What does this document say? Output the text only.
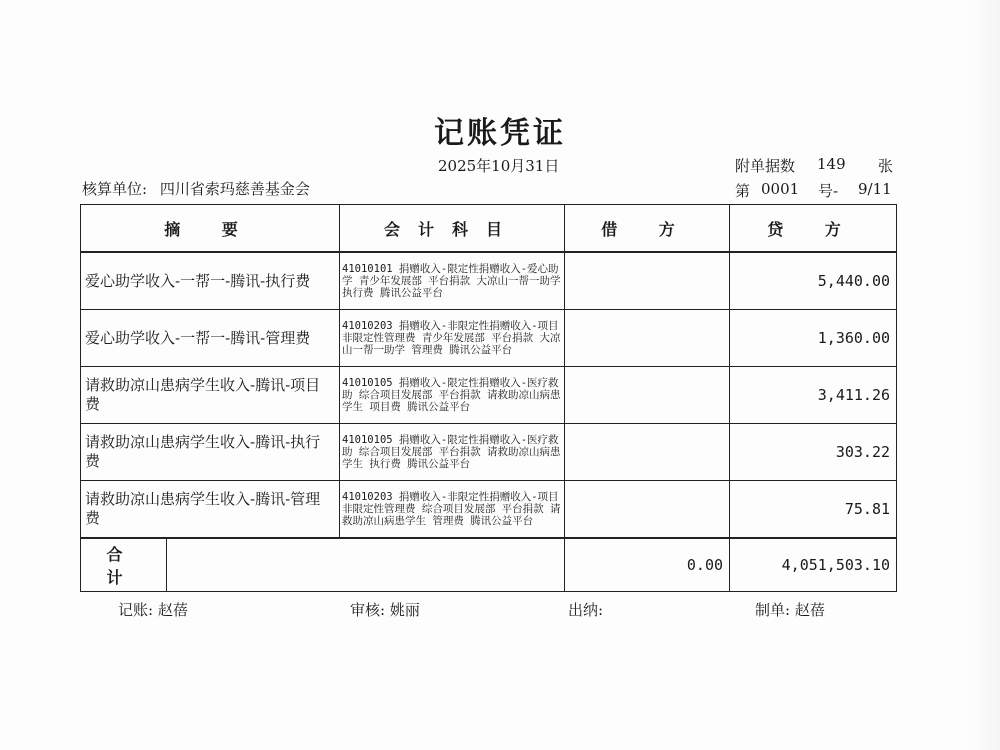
记账凭证
2025年10月31日	附单据数 149 张
核算单位: 四川省索玛慈善基金会	第 0001 号- 9/11
摘 要		会计科目	借 方	贷 方
爱心助学收入-一帮一-腾讯-执行费		41010101 捐赠收入-限定性捐赠收入-爱心助学 青少年发展部 平台捐款 大凉山一帮一助学 执行费 腾讯公益平台		5,440.00
爱心助学收入-一帮一-腾讯-管理费		41010203 捐赠收入-非限定性捐赠收入-项目非限定性管理费 青少年发展部 平台捐款 大凉山一帮一助学 管理费 腾讯公益平台		1,360.00
请救助凉山患病学生收入-腾讯-项目费		41010105 捐赠收入-限定性捐赠收入-医疗救助 综合项目发展部 平台捐款 请救助凉山病患学生 项目费 腾讯公益平台		3,411.26
请救助凉山患病学生收入-腾讯-执行费		41010105 捐赠收入-限定性捐赠收入-医疗救助 综合项目发展部 平台捐款 请救助凉山病患学生 执行费 腾讯公益平台		303.22
请救助凉山患病学生收入-腾讯-管理费		41010203 捐赠收入-非限定性捐赠收入-项目非限定性管理费 综合项目发展部 平台捐款 请救助凉山病患学生 管理费 腾讯公益平台		75.81
合 计			0.00	4,051,503.10
记账: 赵蓓	审核: 姚丽	出纳:	制单: 赵蓓
